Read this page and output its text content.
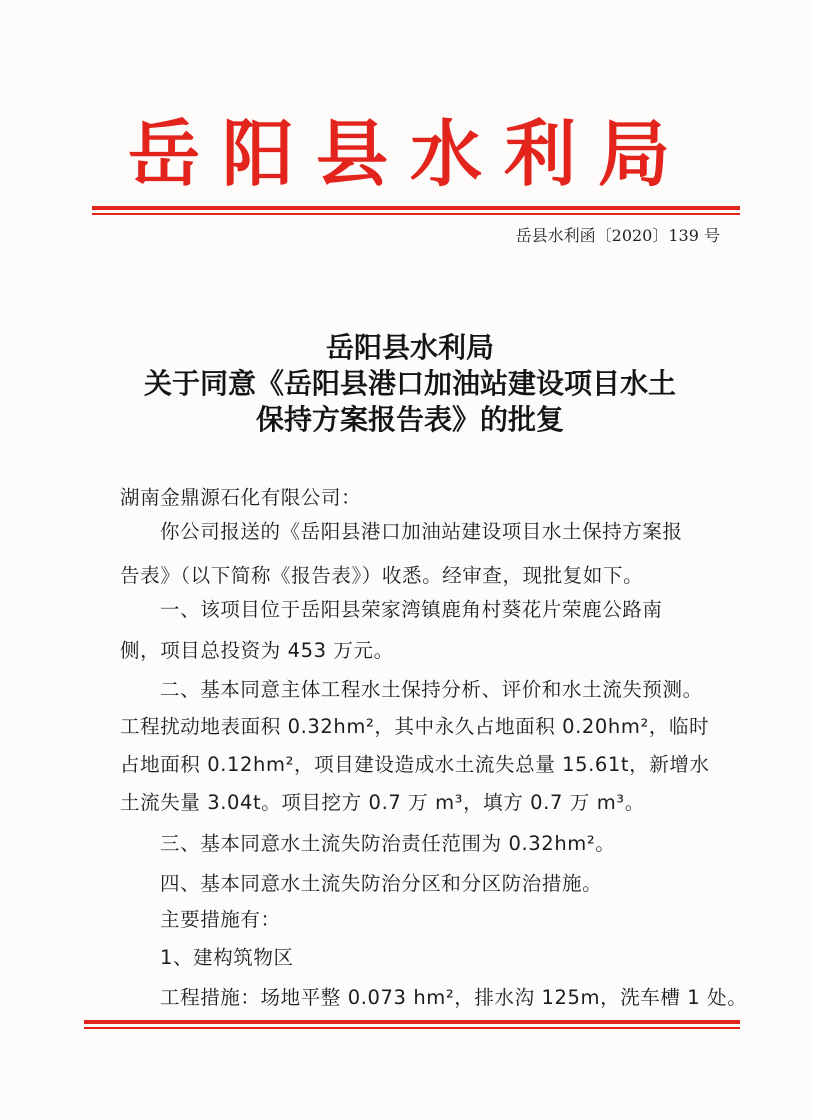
岳阳县水利局
岳县水利函〔2020〕139 号
岳阳县水利局
关于同意《岳阳县港口加油站建设项目水土
保持方案报告表》的批复
湖南金鼎源石化有限公司：
你公司报送的《岳阳县港口加油站建设项目水土保持方案报
告表》（以下简称《报告表》）收悉。经审查，现批复如下。
一、该项目位于岳阳县荣家湾镇鹿角村葵花片荣鹿公路南
侧，项目总投资为 453 万元。
二、基本同意主体工程水土保持分析、评价和水土流失预测。
工程扰动地表面积 0.32hm²，其中永久占地面积 0.20hm²，临时
占地面积 0.12hm²，项目建设造成水土流失总量 15.61t，新增水
土流失量 3.04t。项目挖方 0.7 万 m³，填方 0.7 万 m³。
三、基本同意水土流失防治责任范围为 0.32hm²。
四、基本同意水土流失防治分区和分区防治措施。
主要措施有：
1、建构筑物区
工程措施：场地平整 0.073 hm²，排水沟 125m，洗车槽 1 处。
